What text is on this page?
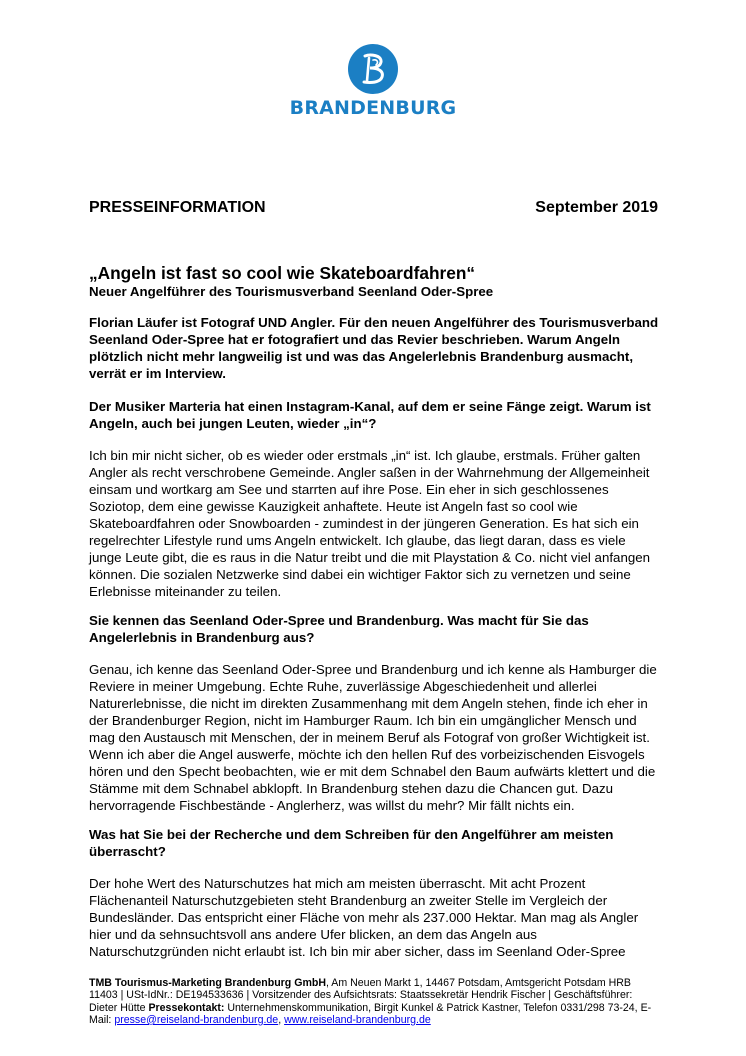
BRANDENBURG
PRESSEINFORMATION	September 2019

„Angeln ist fast so cool wie Skateboardfahren“

Neuer Angelführer des Tourismusverband Seenland Oder-Spree

Florian Läufer ist Fotograf UND Angler. Für den neuen Angelführer des Tourismusverband Seenland Oder-Spree hat er fotografiert und das Revier beschrieben. Warum Angeln plötzlich nicht mehr langweilig ist und was das Angelerlebnis Brandenburg ausmacht, verrät er im Interview.

Der Musiker Marteria hat einen Instagram-Kanal, auf dem er seine Fänge zeigt. Warum ist Angeln, auch bei jungen Leuten, wieder „in“?

Ich bin mir nicht sicher, ob es wieder oder erstmals „in“ ist. Ich glaube, erstmals. Früher galten Angler als recht verschrobene Gemeinde. Angler saßen in der Wahrnehmung der Allgemeinheit einsam und wortkarg am See und starrten auf ihre Pose. Ein eher in sich geschlossenes Soziotop, dem eine gewisse Kauzigkeit anhaftete. Heute ist Angeln fast so cool wie Skateboardfahren oder Snowboarden - zumindest in der jüngeren Generation. Es hat sich ein regelrechter Lifestyle rund ums Angeln entwickelt. Ich glaube, das liegt daran, dass es viele junge Leute gibt, die es raus in die Natur treibt und die mit Playstation & Co. nicht viel anfangen können. Die sozialen Netzwerke sind dabei ein wichtiger Faktor sich zu vernetzen und seine Erlebnisse miteinander zu teilen.

Sie kennen das Seenland Oder-Spree und Brandenburg. Was macht für Sie das Angelerlebnis in Brandenburg aus?

Genau, ich kenne das Seenland Oder-Spree und Brandenburg und ich kenne als Hamburger die Reviere in meiner Umgebung. Echte Ruhe, zuverlässige Abgeschiedenheit und allerlei Naturerlebnisse, die nicht im direkten Zusammenhang mit dem Angeln stehen, finde ich eher in der Brandenburger Region, nicht im Hamburger Raum. Ich bin ein umgänglicher Mensch und mag den Austausch mit Menschen, der in meinem Beruf als Fotograf von großer Wichtigkeit ist. Wenn ich aber die Angel auswerfe, möchte ich den hellen Ruf des vorbeizischenden Eisvogels hören und den Specht beobachten, wie er mit dem Schnabel den Baum aufwärts klettert und die Stämme mit dem Schnabel abklopft. In Brandenburg stehen dazu die Chancen gut. Dazu hervorragende Fischbestände - Anglerherz, was willst du mehr? Mir fällt nichts ein.

Was hat Sie bei der Recherche und dem Schreiben für den Angelführer am meisten überrascht?

Der hohe Wert des Naturschutzes hat mich am meisten überrascht. Mit acht Prozent Flächenanteil Naturschutzgebieten steht Brandenburg an zweiter Stelle im Vergleich der Bundesländer. Das entspricht einer Fläche von mehr als 237.000 Hektar. Man mag als Angler hier und da sehnsuchtsvoll ans andere Ufer blicken, an dem das Angeln aus Naturschutzgründen nicht erlaubt ist. Ich bin mir aber sicher, dass im Seenland Oder-Spree

TMB Tourismus-Marketing Brandenburg GmbH, Am Neuen Markt 1, 14467 Potsdam, Amtsgericht Potsdam HRB 11403 | USt-IdNr.: DE194533636 | Vorsitzender des Aufsichtsrats: Staatssekretär Hendrik Fischer | Geschäftsführer: Dieter Hütte Pressekontakt: Unternehmenskommunikation, Birgit Kunkel & Patrick Kastner, Telefon 0331/298 73-24, E-Mail: presse@reiseland-brandenburg.de, www.reiseland-brandenburg.de
